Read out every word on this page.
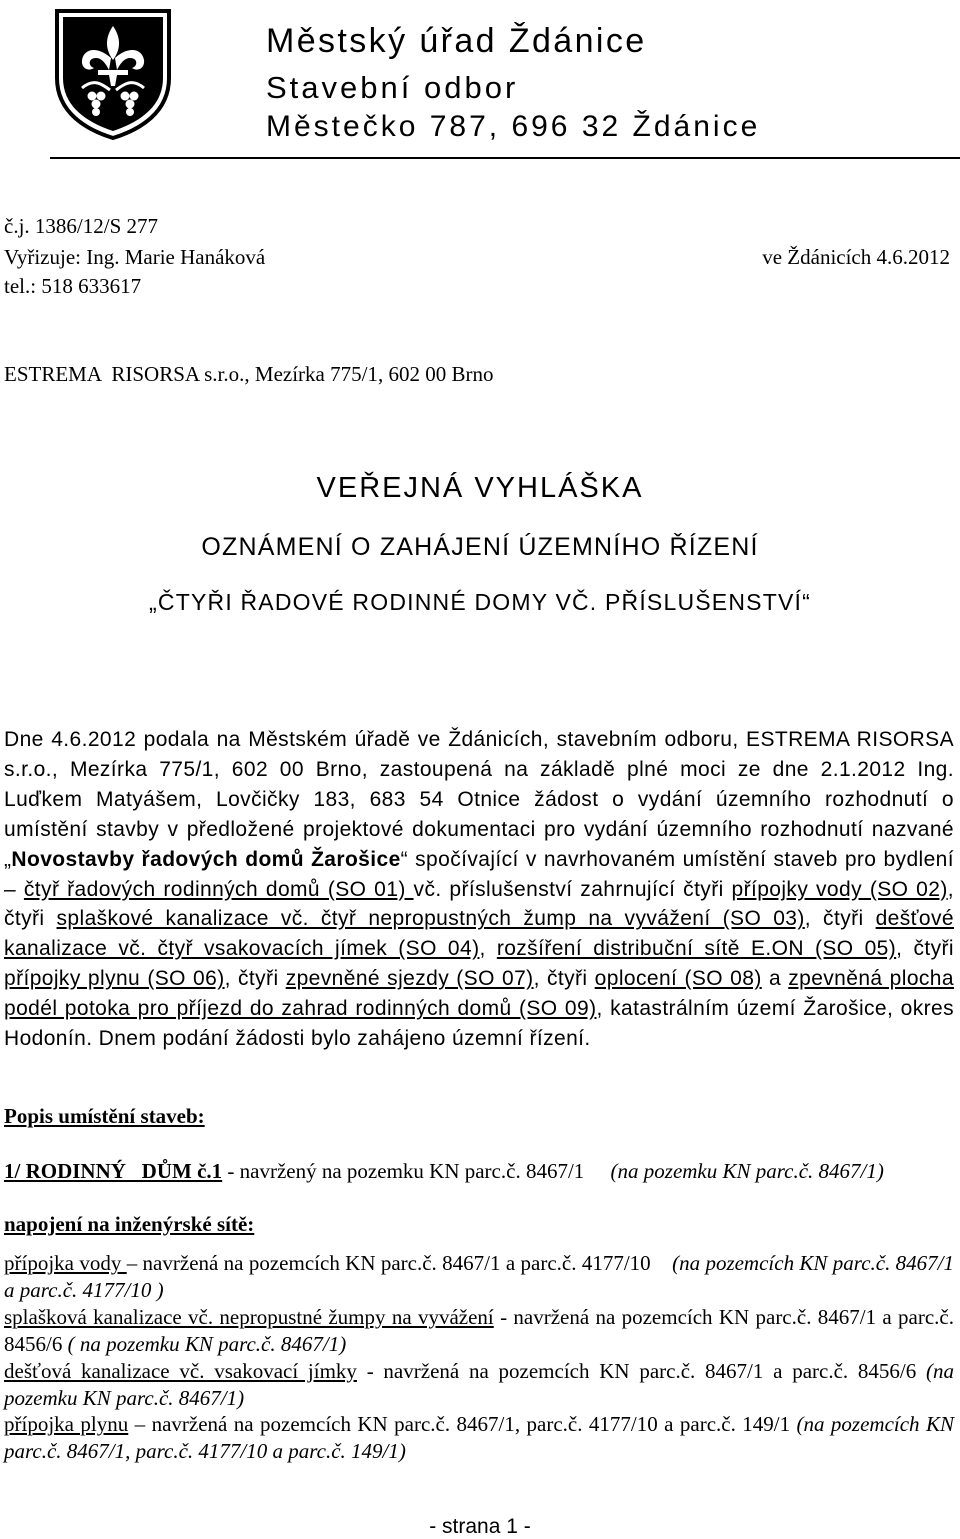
Městský úřad Ždánice
Stavební odbor
Městečko 787, 696 32 Ždánice
č.j. 1386/12/S 277
Vyřizuje: Ing. Marie Hanáková	ve Ždánicích 4.6.2012
tel.: 518 633617
ESTREMA  RISORSA s.r.o., Mezírka 775/1, 602 00 Brno
VEŘEJNÁ VYHLÁŠKA
OZNÁMENÍ O ZAHÁJENÍ ÚZEMNÍHO ŘÍZENÍ
„ČTYŘI ŘADOVÉ RODINNÉ DOMY VČ. PŘÍSLUŠENSTVÍ“
Dne 4.6.2012 podala na Městském úřadě ve Ždánicích, stavebním odboru, ESTREMA RISORSA s.r.o., Mezírka 775/1, 602 00 Brno, zastoupená na základě plné moci ze dne 2.1.2012 Ing. Luďkem Matyášem, Lovčičky 183, 683 54 Otnice žádost o vydání územního rozhodnutí o umístění stavby v předložené projektové dokumentaci pro vydání územního rozhodnutí nazvané „Novostavby řadových domů Žarošice“ spočívající v navrhovaném umístění staveb pro bydlení – čtyř řadových rodinných domů (SO 01) vč. příslušenství zahrnující čtyři přípojky vody (SO 02), čtyři splaškové kanalizace vč. čtyř nepropustných žump na vyvážení (SO 03), čtyři dešťové kanalizace vč. čtyř vsakovacích jímek (SO 04), rozšíření distribuční sítě E.ON (SO 05), čtyři přípojky plynu (SO 06), čtyři zpevněné sjezdy (SO 07), čtyři oplocení (SO 08) a zpevněná plocha podél potoka pro příjezd do zahrad rodinných domů (SO 09), katastrálním území Žarošice, okres Hodonín. Dnem podání žádosti bylo zahájeno územní řízení.
Popis umístění staveb:
1/ RODINNÝ   DŮM č.1 - navržený na pozemku KN parc.č. 8467/1 (na pozemku KN parc.č. 8467/1)
napojení na inženýrské sítě:
přípojka vody – navržená na pozemcích KN parc.č. 8467/1 a parc.č. 4177/10 (na pozemcích KN parc.č. 8467/1 a parc.č. 4177/10 )
splašková kanalizace vč. nepropustné žumpy na vyvážení - navržená na pozemcích KN parc.č. 8467/1 a parc.č. 8456/6 ( na pozemku KN parc.č. 8467/1)
dešťová kanalizace vč. vsakovací jímky - navržená na pozemcích KN parc.č. 8467/1 a parc.č. 8456/6 (na pozemku KN parc.č. 8467/1)
přípojka plynu – navržená na pozemcích KN parc.č. 8467/1, parc.č. 4177/10 a parc.č. 149/1 (na pozemcích KN parc.č. 8467/1, parc.č. 4177/10 a parc.č. 149/1)
- strana 1 -
